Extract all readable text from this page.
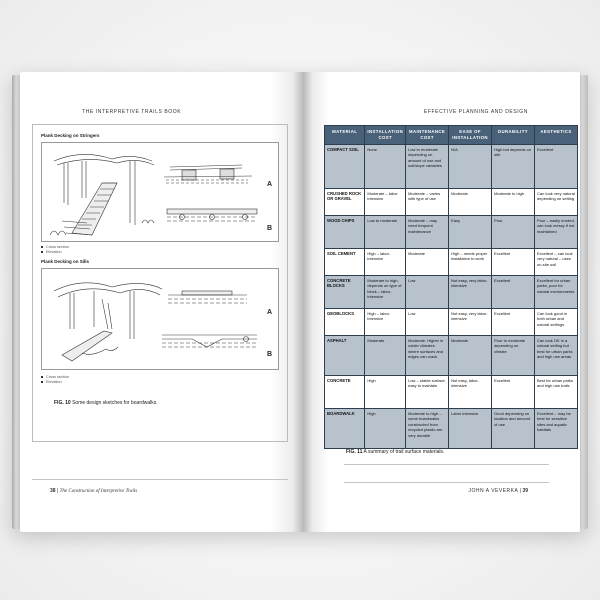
THE INTERPRETIVE TRAILS BOOK
Plank Decking on Stringers
A
B
Cross section
Elevation
Plank Decking on Sills
A
B
Cross section
Elevation
FIG. 10 Some design sketches for boardwalks.
38 | The Construction of Interpretive Trails
EFFECTIVE PLANNING AND DESIGN
MATERIAL	INSTALLATION COST	MAINTENANCE COST	EASE OF INSTALLATION	DURABILITY	AESTHETICS
COMPACT SOIL	None	Low to moderate depending on amount of use and soil/slope variables	N/A	High but depends on site	Excellent
CRUSHED ROCK OR GRAVEL	Moderate – labor intensive	Moderate – varies with type of use	Moderate	Moderate to high	Can look very natural depending on setting
WOOD CHIPS	Low to moderate	Moderate – may need frequent maintenance	Easy	Poor	Poor – easily eroded, can look messy if not maintained
SOIL CEMENT	High – labor-intensive	Moderate	High – needs proper installation to work	Excellent	Excellent – can look very natural – uses on-site soil
CONCRETE BLOCKS	Moderate to high, depends on type of block – labor-intensive	Low	Not easy, very labor-intensive	Excellent	Excellent for urban parks, poor for natural environments
GEOBLOCKS	High – labor-intensive	Low	Not easy, very labor-intensive	Excellent	Can look good in both urban and natural settings
ASPHALT	Moderate	Moderate. Higher in colder climates where surfaces and edges can crack	Moderate	Poor to moderate depending on climate	Can look OK in a natural setting but best for urban parks and high use areas
CONCRETE	High	Low – stable surface, easy to maintain	Not easy, labor-intensive	Excellent	Best for urban parks and high use trails
BOARDWALK	High	Moderate to high – some boardwalks constructed from recycled plastic are very durable	Labor intensive	Good depending on location and amount of use	Excellent – may be best for sensitive sites and aquatic habitats
FIG. 11 A summary of trail surface materials.
JOHN A VEVERKA | 39
